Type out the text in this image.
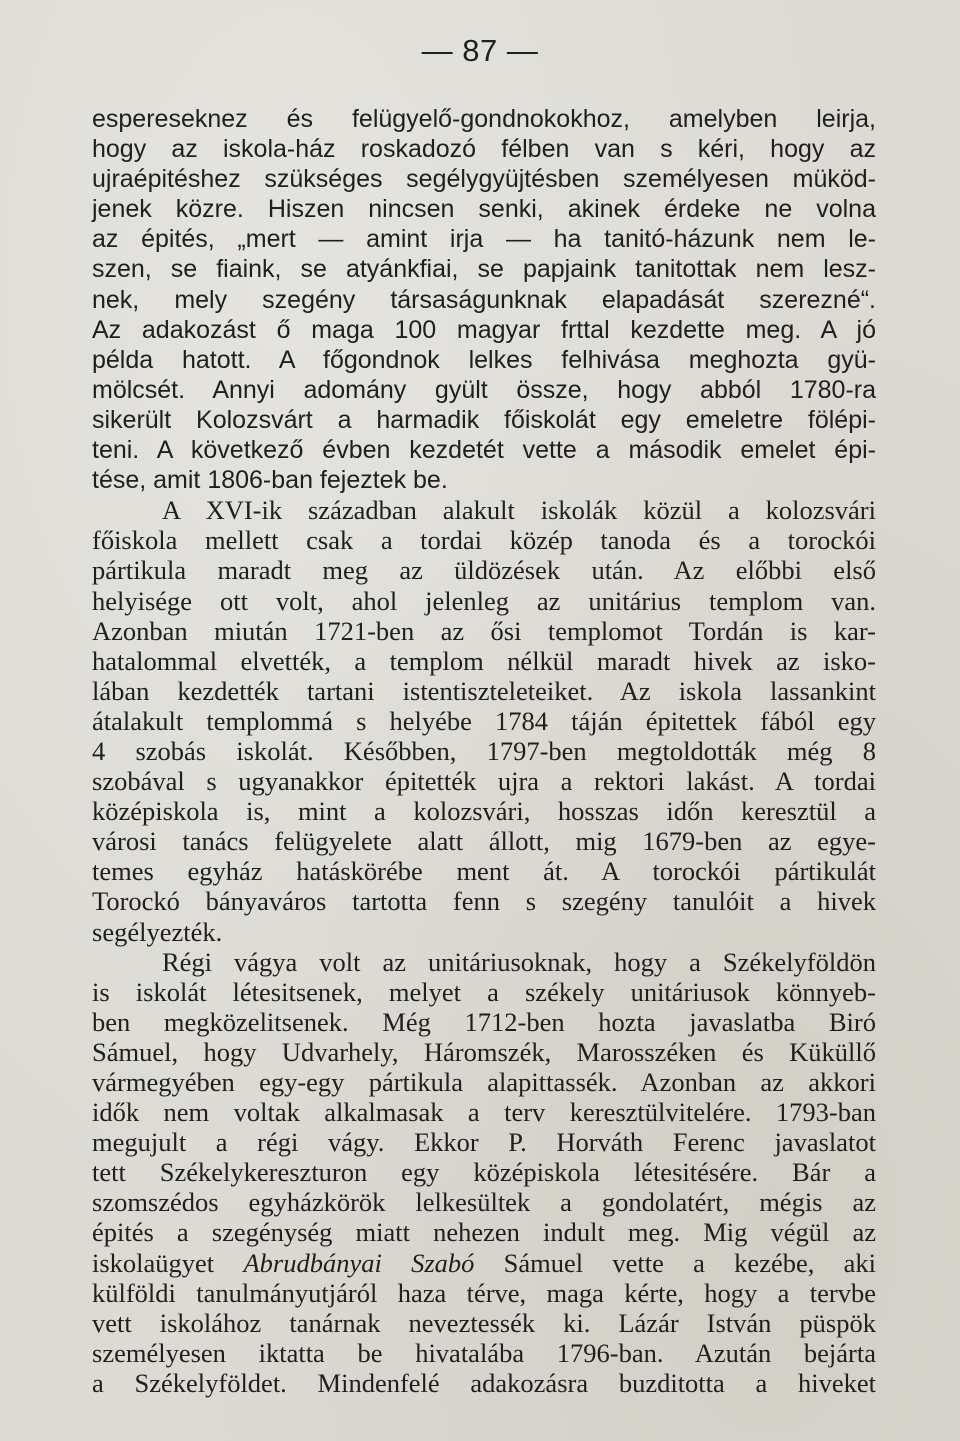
— 87 —
espereseknez és felügyelő-gondnokokhoz, amelyben leirja,
hogy az iskola-ház roskadozó félben van s kéri, hogy az
ujraépitéshez szükséges segélygyüjtésben személyesen müköd-
jenek közre. Hiszen nincsen senki, akinek érdeke ne volna
az épités, „mert — amint irja — ha tanitó-házunk nem le-
szen, se fiaink, se atyánkfiai, se papjaink tanitottak nem lesz-
nek, mely szegény társaságunknak elapadását szerezné“.
Az adakozást ő maga 100 magyar frttal kezdette meg. A jó
példa hatott. A főgondnok lelkes felhivása meghozta gyü-
mölcsét. Annyi adomány gyült össze, hogy abból 1780-ra
sikerült Kolozsvárt a harmadik főiskolát egy emeletre fölépi-
teni. A következő évben kezdetét vette a második emelet épi-
tése, amit 1806-ban fejeztek be.
A XVI-ik században alakult iskolák közül a kolozsvári
főiskola mellett csak a tordai közép tanoda és a torockói
pártikula maradt meg az üldözések után. Az előbbi első
helyisége ott volt, ahol jelenleg az unitárius templom van.
Azonban miután 1721-ben az ősi templomot Tordán is kar-
hatalommal elvették, a templom nélkül maradt hivek az isko-
lában kezdették tartani istentiszteleteiket. Az iskola lassankint
átalakult templommá s helyébe 1784 táján épitettek fából egy
4 szobás iskolát. Későbben, 1797-ben megtoldották még 8
szobával s ugyanakkor épitették ujra a rektori lakást. A tordai
középiskola is, mint a kolozsvári, hosszas időn keresztül a
városi tanács felügyelete alatt állott, mig 1679-ben az egye-
temes egyház hatáskörébe ment át. A torockói pártikulát
Torockó bányaváros tartotta fenn s szegény tanulóit a hivek
segélyezték.
Régi vágya volt az unitáriusoknak, hogy a Székelyföldön
is iskolát létesitsenek, melyet a székely unitáriusok könnyeb-
ben megközelitsenek. Még 1712-ben hozta javaslatba Biró
Sámuel, hogy Udvarhely, Háromszék, Marosszéken és Küküllő
vármegyében egy-egy pártikula alapittassék. Azonban az akkori
idők nem voltak alkalmasak a terv keresztülvitelére. 1793-ban
megujult a régi vágy. Ekkor P. Horváth Ferenc javaslatot
tett Székelykereszturon egy középiskola létesitésére. Bár a
szomszédos egyházkörök lelkesültek a gondolatért, mégis az
épités a szegénység miatt nehezen indult meg. Mig végül az
iskolaügyet Abrudbányai Szabó Sámuel vette a kezébe, aki
külföldi tanulmányutjáról haza térve, maga kérte, hogy a tervbe
vett iskolához tanárnak neveztessék ki. Lázár István püspök
személyesen iktatta be hivatalába 1796-ban. Azután bejárta
a Székelyföldet. Mindenfelé adakozásra buzditotta a hiveket
